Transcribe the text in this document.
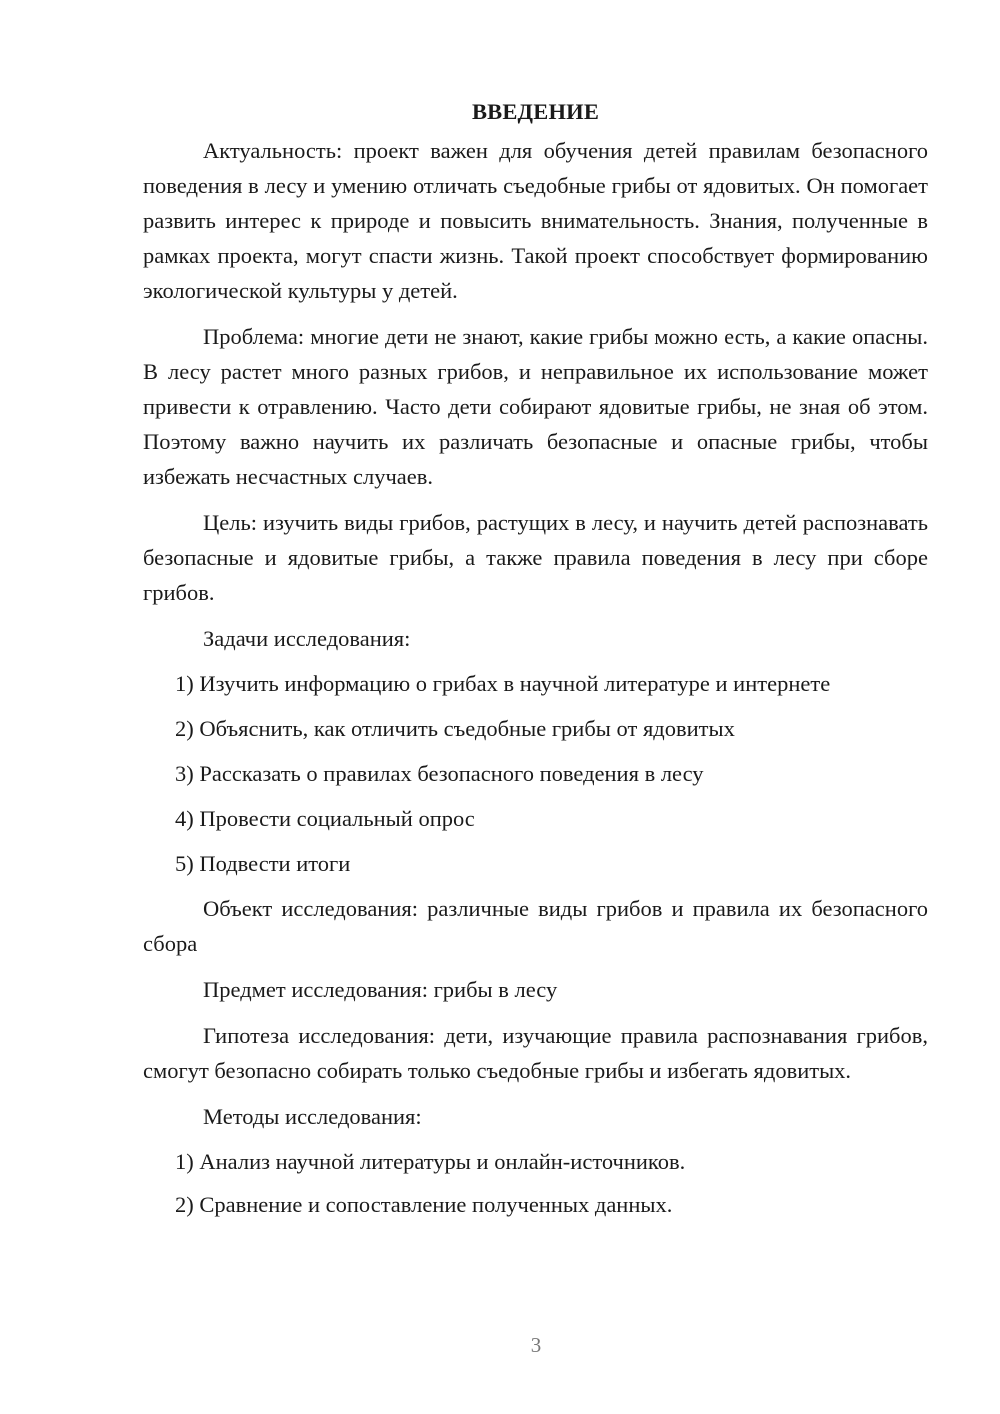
ВВЕДЕНИЕ

Актуальность: проект важен для обучения детей правилам безопасного поведения в лесу и умению отличать съедобные грибы от ядовитых. Он помогает развить интерес к природе и повысить внимательность. Знания, полученные в рамках проекта, могут спасти жизнь. Такой проект способствует формированию экологической культуры у детей.

Проблема: многие дети не знают, какие грибы можно есть, а какие опасны. В лесу растет много разных грибов, и неправильное их использование может привести к отравлению. Часто дети собирают ядовитые грибы, не зная об этом. Поэтому важно научить их различать безопасные и опасные грибы, чтобы избежать несчастных случаев.

Цель: изучить виды грибов, растущих в лесу, и научить детей распознавать безопасные и ядовитые грибы, а также правила поведения в лесу при сборе грибов.

Задачи исследования:

1) Изучить информацию о грибах в научной литературе и интернете
2) Объяснить, как отличить съедобные грибы от ядовитых
3) Рассказать о правилах безопасного поведения в лесу
4) Провести социальный опрос
5) Подвести итоги

Объект исследования: различные виды грибов и правила их безопасного сбора

Предмет исследования: грибы в лесу

Гипотеза исследования: дети, изучающие правила распознавания грибов, смогут безопасно собирать только съедобные грибы и избегать ядовитых.

Методы исследования:

1) Анализ научной литературы и онлайн-источников.
2) Сравнение и сопоставление полученных данных.
3
